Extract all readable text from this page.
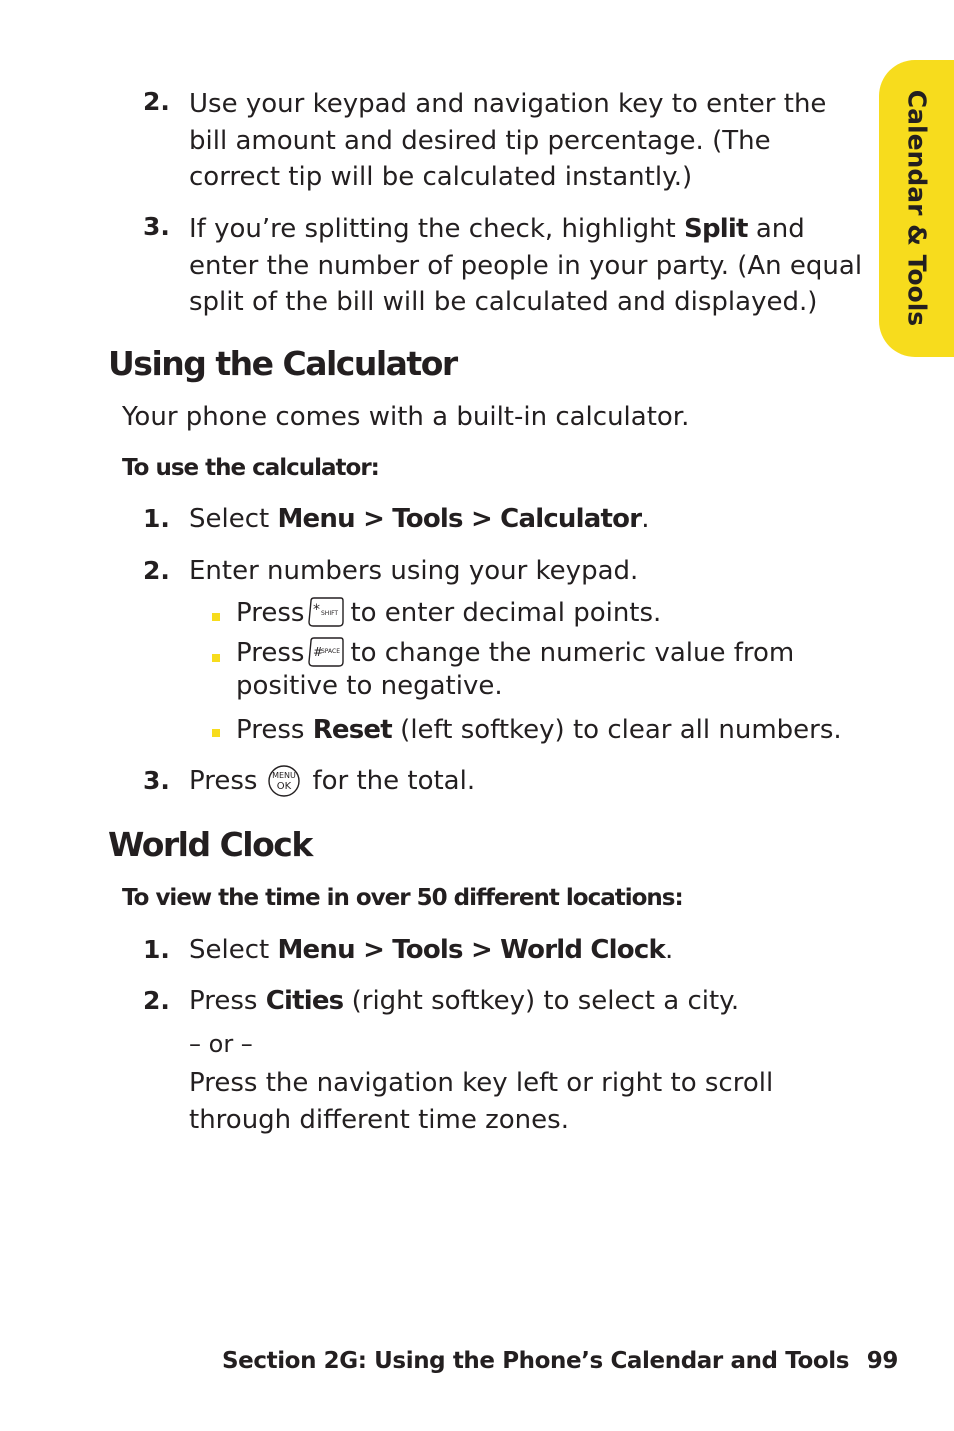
Calendar & Tools
2. Use your keypad and navigation key to enter the bill amount and desired tip percentage. (The correct tip will be calculated instantly.)
3. If you’re splitting the check, highlight Split and enter the number of people in your party. (An equal split of the bill will be calculated and displayed.)
Using the Calculator
Your phone comes with a built-in calculator.
To use the calculator:
1. Select Menu > Tools > Calculator.
2. Enter numbers using your keypad.
Press * SHIFT to enter decimal points.
Press #
SPACE to change the numeric value from positive to negative.
Press Reset (left softkey) to clear all numbers.
3. Press MENU
OK for the total.
World Clock
To view the time in over 50 different locations:
1. Select Menu > Tools > World Clock.
2. Press Cities (right softkey) to select a city.
– or –
Press the navigation key left or right to scroll through different time zones.
Section 2G: Using the Phone’s Calendar and Tools 99
